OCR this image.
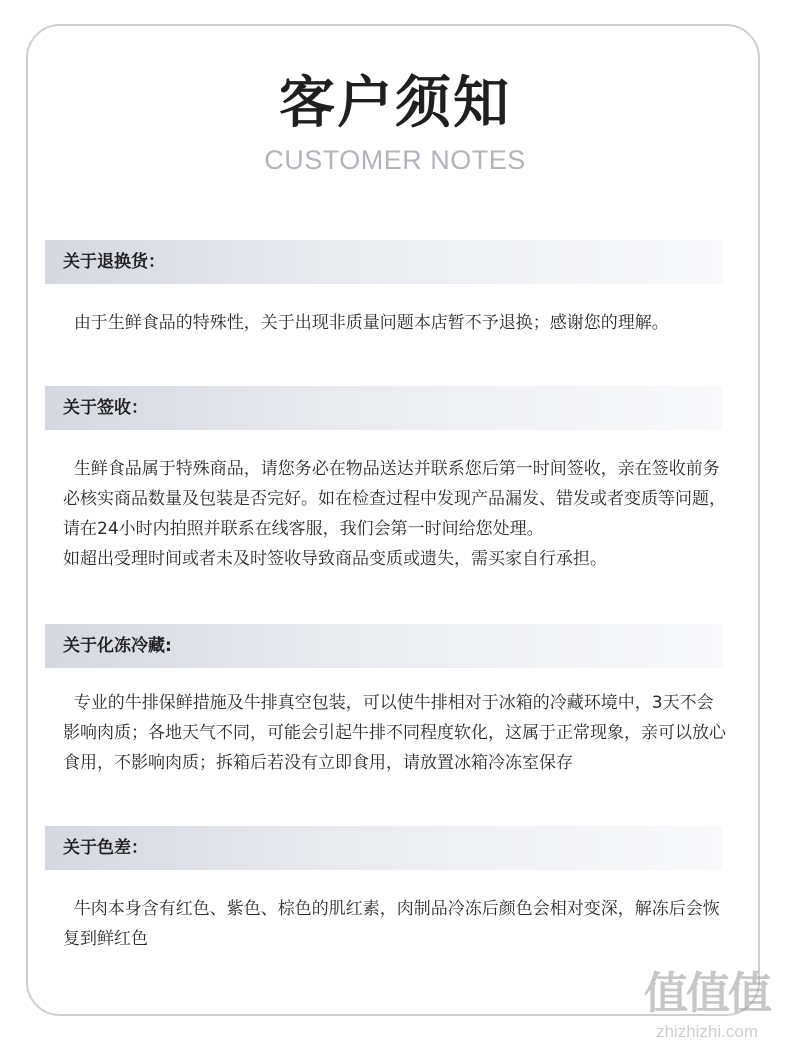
客户须知
CUSTOMER NOTES
关于退换货：

由于生鲜食品的特殊性，关于出现非质量问题本店暂不予退换；感谢您的理解。

关于签收：

生鲜食品属于特殊商品，请您务必在物品送达并联系您后第一时间签收，亲在签收前务必核实商品数量及包装是否完好。如在检查过程中发现产品漏发、错发或者变质等问题，请在24小时内拍照并联系在线客服，我们会第一时间给您处理。

如超出受理时间或者未及时签收导致商品变质或遗失，需买家自行承担。

关于化冻冷藏:

专业的牛排保鲜措施及牛排真空包装，可以使牛排相对于冰箱的冷藏环境中，3天不会影响肉质；各地天气不同，可能会引起牛排不同程度软化，这属于正常现象，亲可以放心食用，不影响肉质；拆箱后若没有立即食用，请放置冰箱冷冻室保存

关于色差：

牛肉本身含有红色、紫色、棕色的肌红素，肉制品冷冻后颜色会相对变深，解冻后会恢复到鲜红色

值值值
zhizhizhi.com
